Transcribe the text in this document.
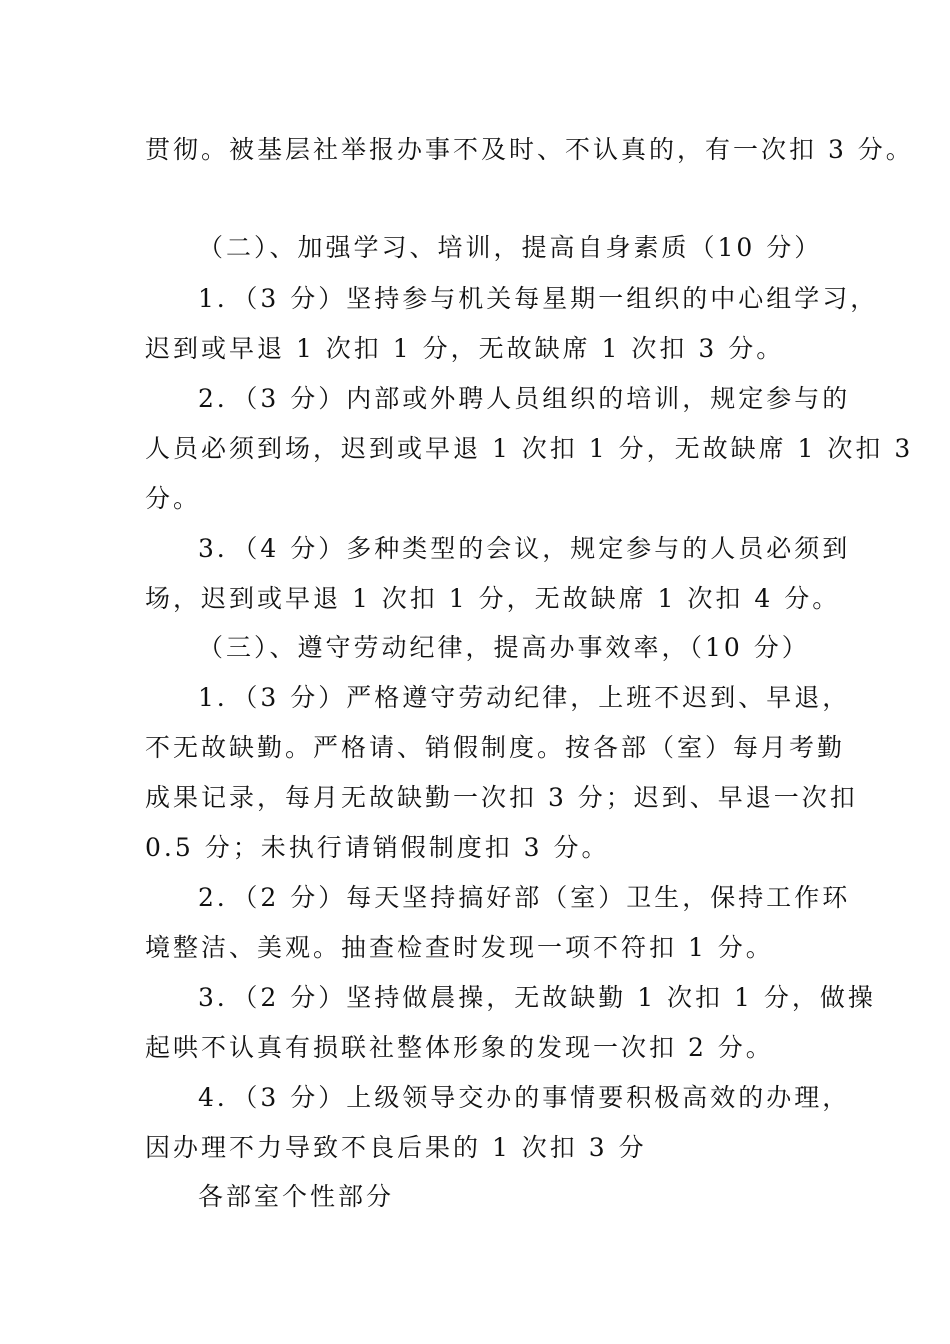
贯彻。被基层社举报办事不及时、不认真的，有一次扣 3 分。
（二）、加强学习、培训，提高自身素质（10 分）
1．（3 分）坚持参与机关每星期一组织的中心组学习，
迟到或早退 1 次扣 1 分，无故缺席 1 次扣 3 分。
2．（3 分）内部或外聘人员组织的培训，规定参与的
人员必须到场，迟到或早退 1 次扣 1 分，无故缺席 1 次扣 3
分。
3．（4 分）多种类型的会议，规定参与的人员必须到
场，迟到或早退 1 次扣 1 分，无故缺席 1 次扣 4 分。
（三）、遵守劳动纪律，提高办事效率，（10 分）
1．（3 分）严格遵守劳动纪律，上班不迟到、早退，
不无故缺勤。严格请、销假制度。按各部（室）每月考勤
成果记录，每月无故缺勤一次扣 3 分；迟到、早退一次扣
0.5 分；未执行请销假制度扣 3 分。
2．（2 分）每天坚持搞好部（室）卫生，保持工作环
境整洁、美观。抽查检查时发现一项不符扣 1 分。
3．（2 分）坚持做晨操，无故缺勤 1 次扣 1 分，做操
起哄不认真有损联社整体形象的发现一次扣 2 分。
4．（3 分）上级领导交办的事情要积极高效的办理，
因办理不力导致不良后果的 1 次扣 3 分
各部室个性部分
